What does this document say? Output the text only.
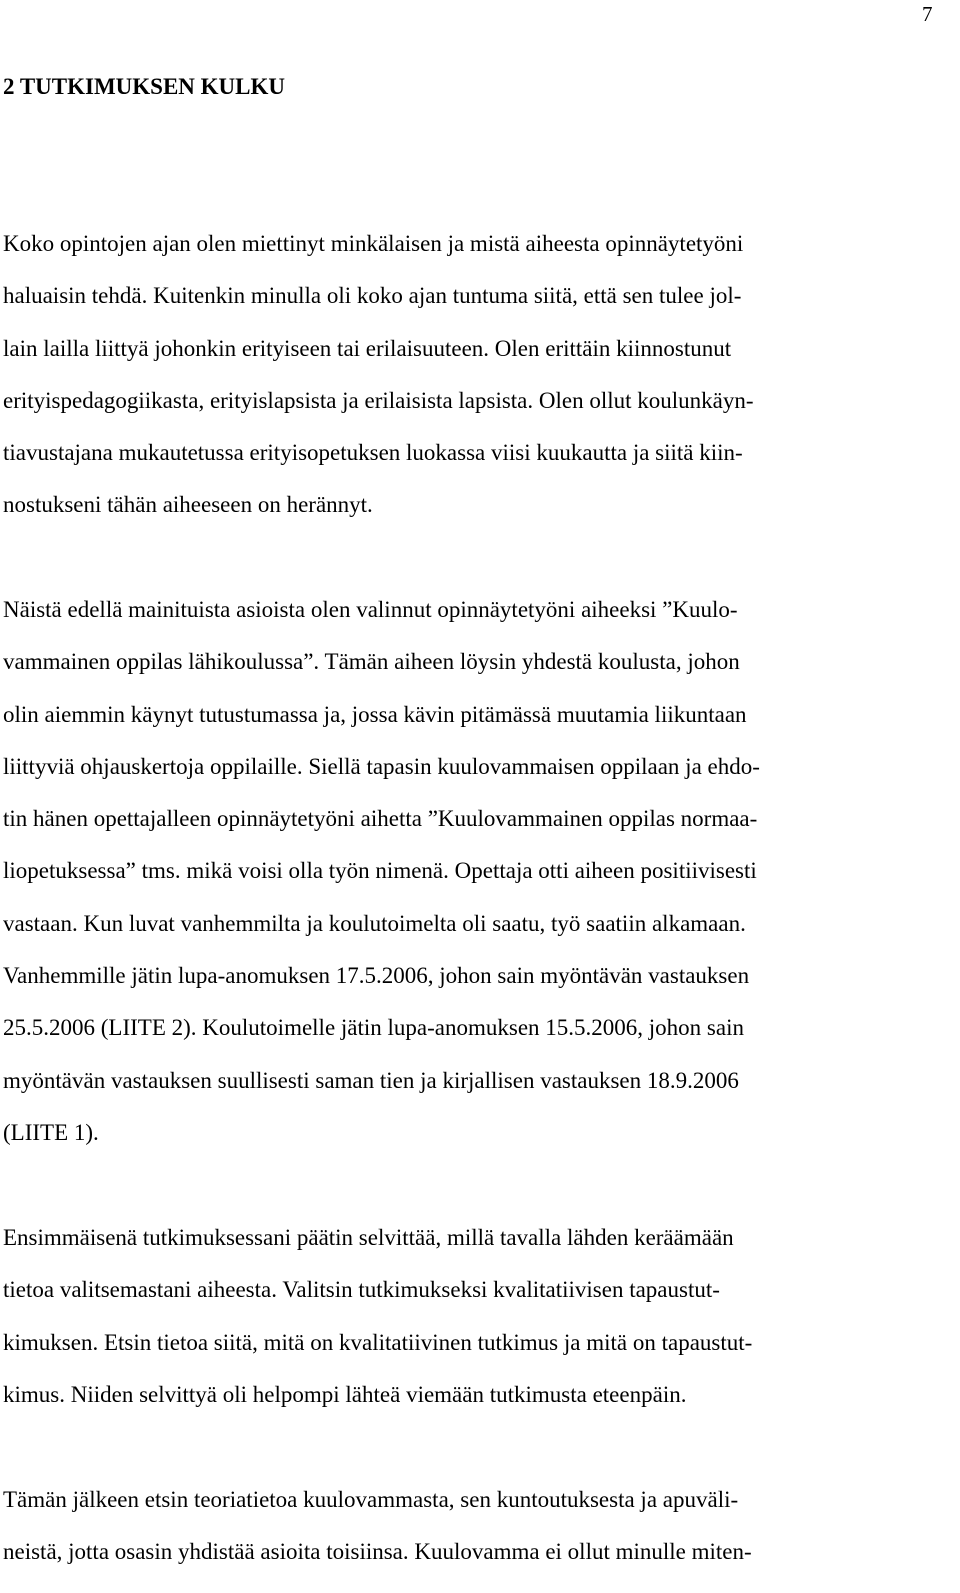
7
2 TUTKIMUKSEN KULKU
Koko opintojen ajan olen miettinyt minkälaisen ja mistä aiheesta opinnäytetyöni
haluaisin tehdä. Kuitenkin minulla oli koko ajan tuntuma siitä, että sen tulee jol-
lain lailla liittyä johonkin erityiseen tai erilaisuuteen. Olen erittäin kiinnostunut
erityispedagogiikasta, erityislapsista ja erilaisista lapsista. Olen ollut koulunkäyn-
tiavustajana mukautetussa erityisopetuksen luokassa viisi kuukautta ja siitä kiin-
nostukseni tähän aiheeseen on herännyt.
Näistä edellä mainituista asioista olen valinnut opinnäytetyöni aiheeksi ”Kuulo-
vammainen oppilas lähikoulussa”. Tämän aiheen löysin yhdestä koulusta, johon
olin aiemmin käynyt tutustumassa ja, jossa kävin pitämässä muutamia liikuntaan
liittyviä ohjauskertoja oppilaille. Siellä tapasin kuulovammaisen oppilaan ja ehdo-
tin hänen opettajalleen opinnäytetyöni aihetta ”Kuulovammainen oppilas normaa-
liopetuksessa” tms. mikä voisi olla työn nimenä. Opettaja otti aiheen positiivisesti
vastaan. Kun luvat vanhemmilta ja koulutoimelta oli saatu, työ saatiin alkamaan.
Vanhemmille jätin lupa-anomuksen 17.5.2006, johon sain myöntävän vastauksen
25.5.2006 (LIITE 2). Koulutoimelle jätin lupa-anomuksen 15.5.2006, johon sain
myöntävän vastauksen suullisesti saman tien ja kirjallisen vastauksen 18.9.2006
(LIITE 1).
Ensimmäisenä tutkimuksessani päätin selvittää, millä tavalla lähden keräämään
tietoa valitsemastani aiheesta. Valitsin tutkimukseksi kvalitatiivisen tapaustut-
kimuksen. Etsin tietoa siitä, mitä on kvalitatiivinen tutkimus ja mitä on tapaustut-
kimus. Niiden selvittyä oli helpompi lähteä viemään tutkimusta eteenpäin.
Tämän jälkeen etsin teoriatietoa kuulovammasta, sen kuntoutuksesta ja apuväli-
neistä, jotta osasin yhdistää asioita toisiinsa. Kuulovamma ei ollut minulle miten-
